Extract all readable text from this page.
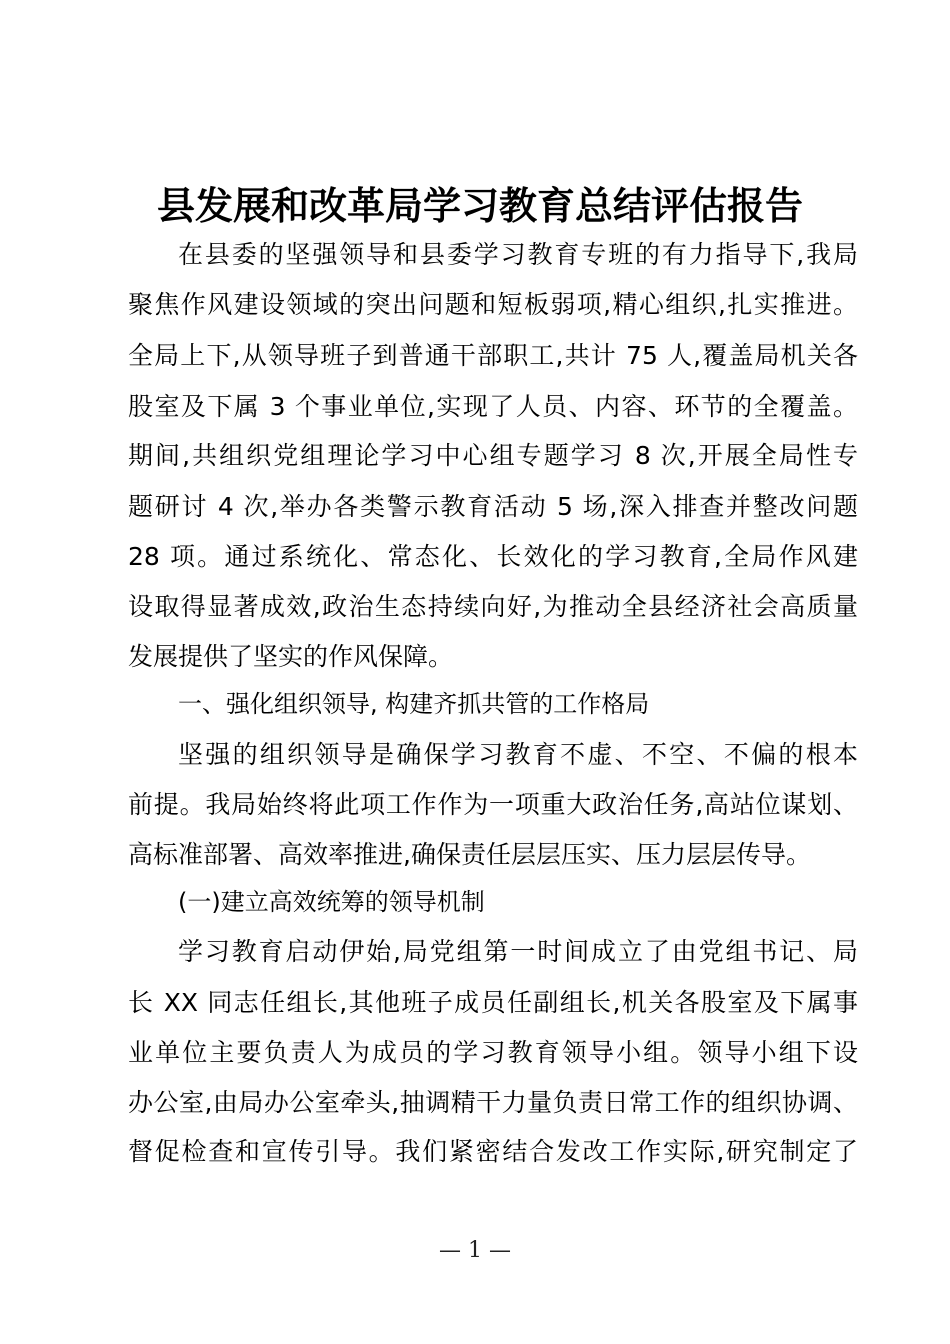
县发展和改革局学习教育总结评估报告
在县委的坚强领导和县委学习教育专班的有力指导下,我局
聚焦作风建设领域的突出问题和短板弱项,精心组织,扎实推进。
全局上下,从领导班子到普通干部职工,共计 75 人,覆盖局机关各
股室及下属 3 个事业单位,实现了人员、内容、环节的全覆盖。
期间,共组织党组理论学习中心组专题学习 8 次,开展全局性专
题研讨 4 次,举办各类警示教育活动 5 场,深入排查并整改问题
28 项。通过系统化、常态化、长效化的学习教育,全局作风建
设取得显著成效,政治生态持续向好,为推动全县经济社会高质量
发展提供了坚实的作风保障。
一、强化组织领导, 构建齐抓共管的工作格局
坚强的组织领导是确保学习教育不虚、不空、不偏的根本
前提。我局始终将此项工作作为一项重大政治任务,高站位谋划、
高标准部署、高效率推进,确保责任层层压实、压力层层传导。
(一)建立高效统筹的领导机制
学习教育启动伊始,局党组第一时间成立了由党组书记、局
长 XX 同志任组长,其他班子成员任副组长,机关各股室及下属事
业单位主要负责人为成员的学习教育领导小组。领导小组下设
办公室,由局办公室牵头,抽调精干力量负责日常工作的组织协调、
督促检查和宣传引导。我们紧密结合发改工作实际,研究制定了
— 1 —
